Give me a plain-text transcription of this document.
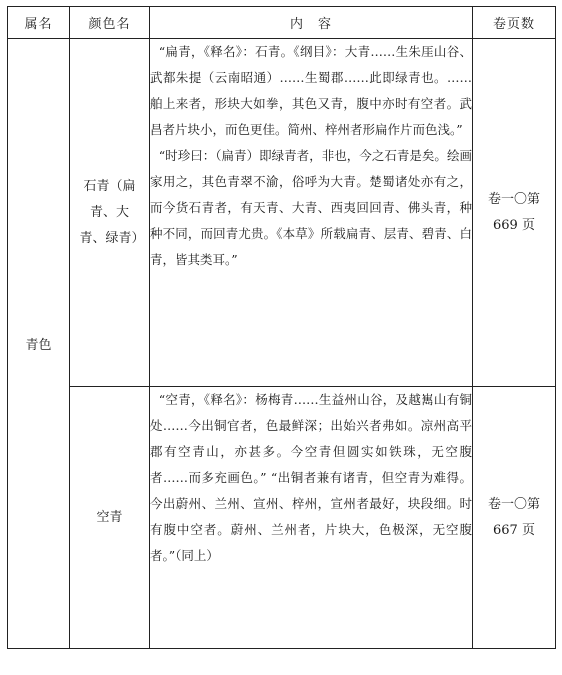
属名	颜色名	内　容	卷页数
青色	石青（扁青、大青、绿青）	“扁青，《释名》：石青。《纲目》：大青……生朱厓山谷、武都朱提（云南昭通）……生蜀郡……此即绿青也。……舶上来者，形块大如拳，其色又青，腹中亦时有空者。武昌者片块小，而色更佳。简州、梓州者形扁作片而色浅。”

“时珍曰：（扁青）即绿青者，非也，今之石青是矣。绘画家用之，其色青翠不渝，俗呼为大青。楚蜀诸处亦有之，而今货石青者，有天青、大青、西夷回回青、佛头青，种种不同，而回青尤贵。《本草》所载扁青、层青、碧青、白青，皆其类耳。”	卷一〇第 669 页
	空青	“空青，《释名》：杨梅青……生益州山谷，及越嶲山有铜处……今出铜官者，色最鲜深；出始兴者弗如。凉州高平郡有空青山，亦甚多。今空青但圆实如铁珠，无空腹者……而多充画色。” “出铜者兼有诸青，但空青为难得。今出蔚州、兰州、宣州、梓州，宣州者最好，块段细。时有腹中空者。蔚州、兰州者，片块大，色极深，无空腹者。”（同上）	卷一〇第 667 页
